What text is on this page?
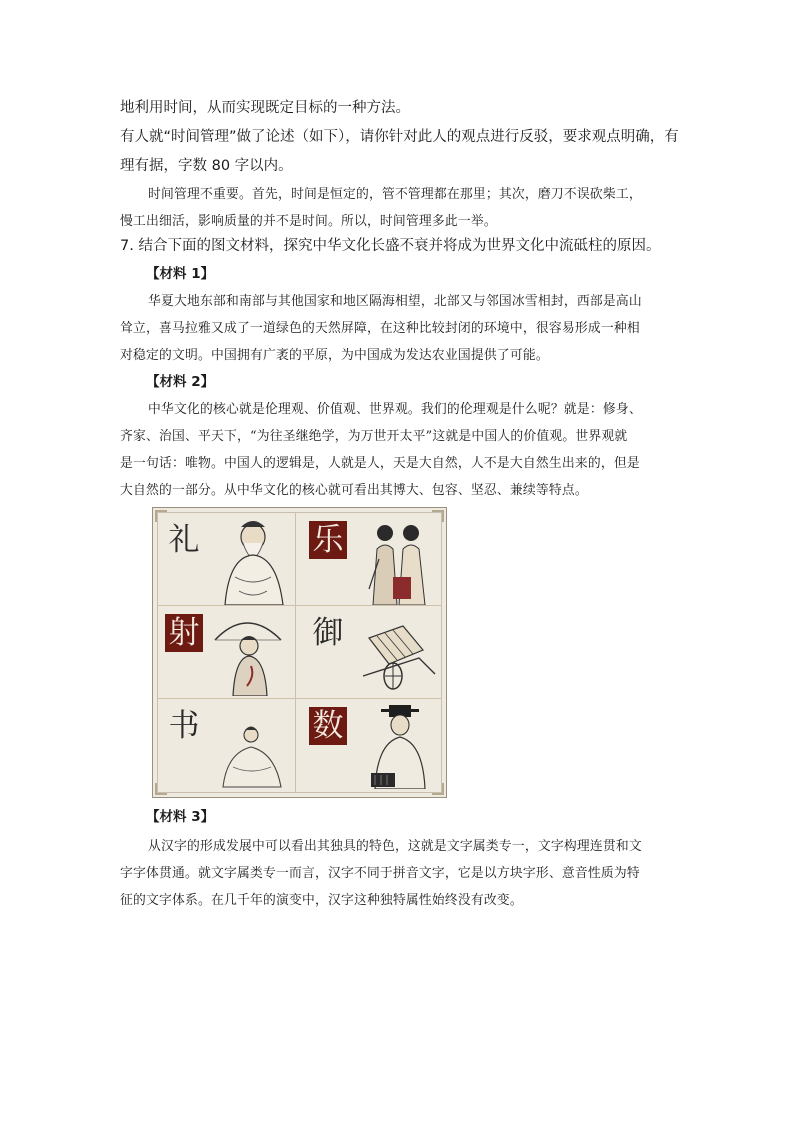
地利用时间，从而实现既定目标的一种方法。
有人就“时间管理”做了论述（如下），请你针对此人的观点进行反驳，要求观点明确，有
理有据，字数 80 字以内。
时间管理不重要。首先，时间是恒定的，管不管理都在那里；其次，磨刀不误砍柴工，
慢工出细活，影响质量的并不是时间。所以，时间管理多此一举。
7. 结合下面的图文材料，探究中华文化长盛不衰并将成为世界文化中流砥柱的原因。
【材料 1】
华夏大地东部和南部与其他国家和地区隔海相望，北部又与邻国冰雪相封，西部是高山
耸立，喜马拉雅又成了一道绿色的天然屏障，在这种比较封闭的环境中，很容易形成一种相
对稳定的文明。中国拥有广袤的平原，为中国成为发达农业国提供了可能。
【材料 2】
中华文化的核心就是伦理观、价值观、世界观。我们的伦理观是什么呢？就是：修身、
齐家、治国、平天下，“为往圣继绝学，为万世开太平”这就是中国人的价值观。世界观就
是一句话：唯物。中国人的逻辑是，人就是人，天是大自然，人不是大自然生出来的，但是
大自然的一部分。从中华文化的核心就可看出其博大、包容、坚忍、兼续等特点。
礼	乐
射	御
书	数
【材料 3】
从汉字的形成发展中可以看出其独具的特色，这就是文字属类专一，文字构理连贯和文
字字体贯通。就文字属类专一而言，汉字不同于拼音文字，它是以方块字形、意音性质为特
征的文字体系。在几千年的演变中，汉字这种独特属性始终没有改变。
